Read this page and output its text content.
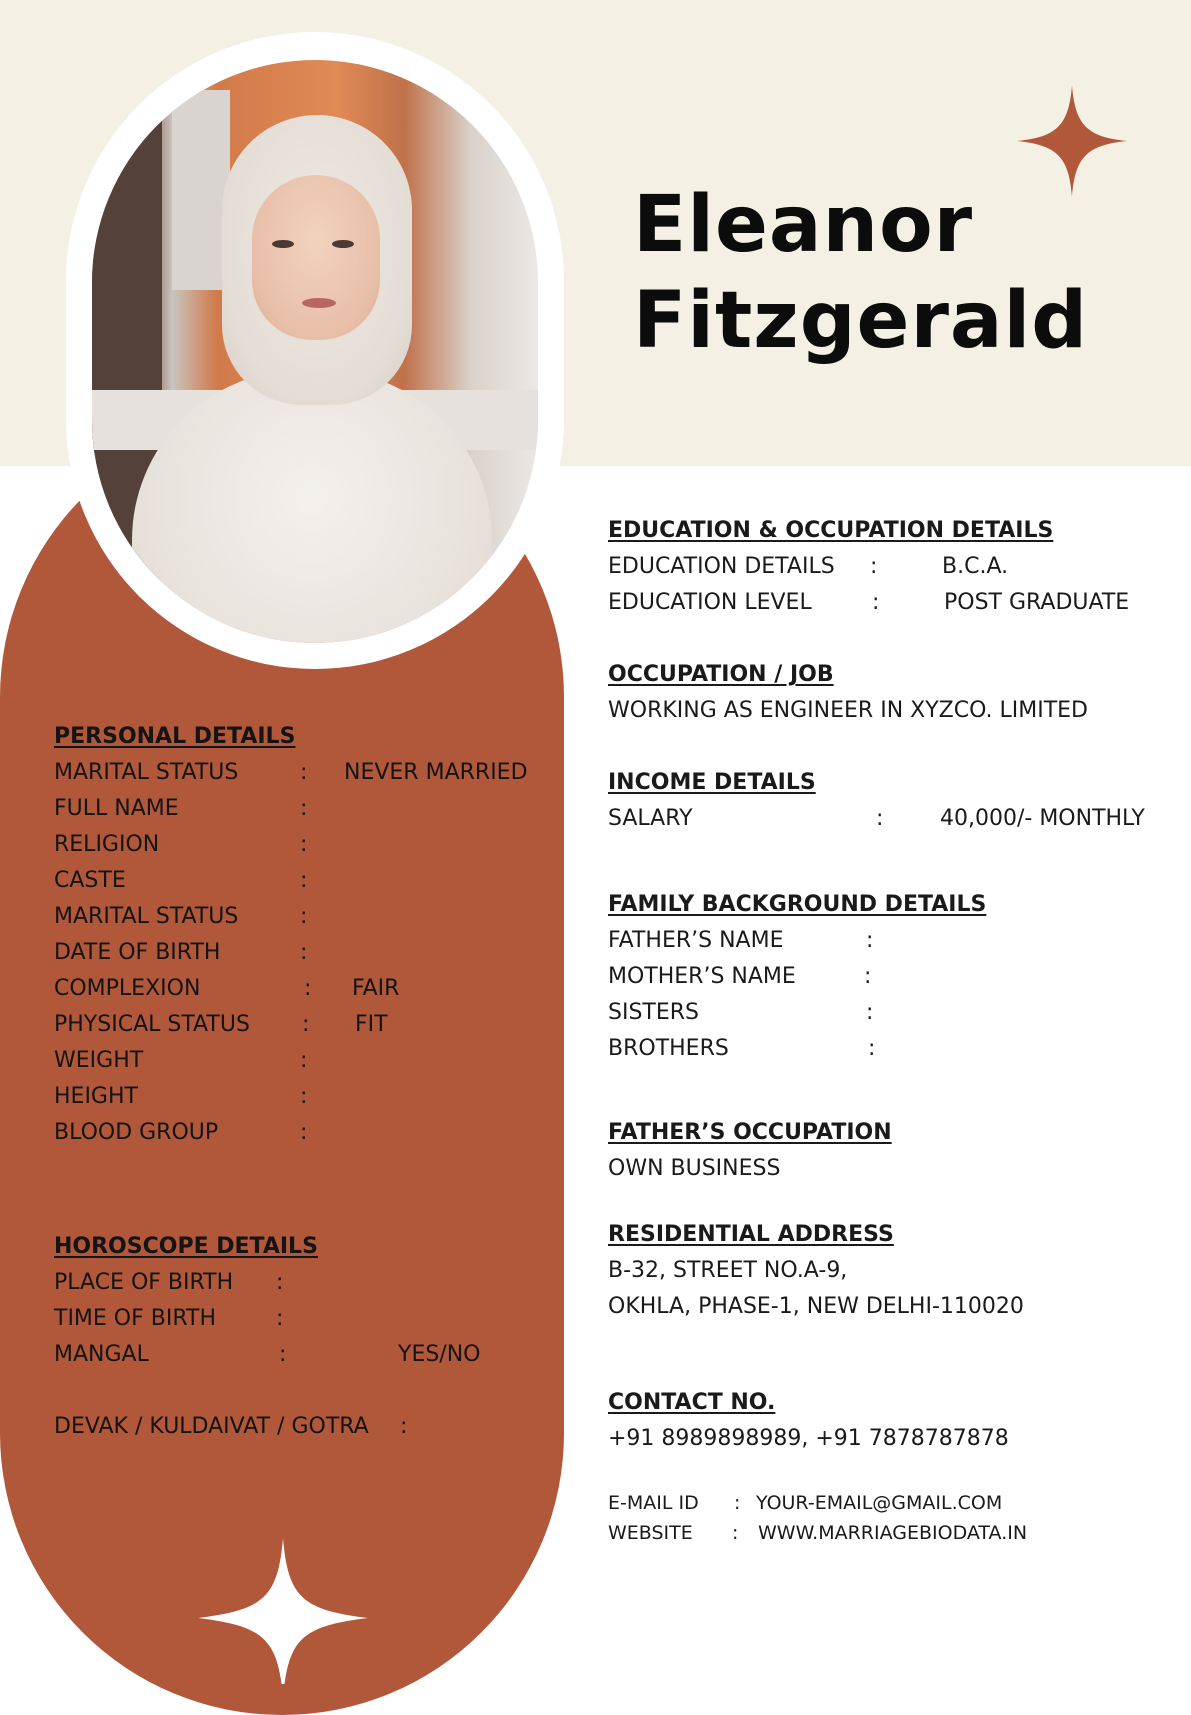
Eleanor
Fitzgerald
PERSONAL DETAILS
MARITAL STATUS	: NEVER MARRIED
FULL NAME	:
RELIGION	:
CASTE	:
MARITAL STATUS	:
DATE OF BIRTH	:
COMPLEXION	: FAIR
PHYSICAL STATUS : FIT
WEIGHT	:
HEIGHT	:
BLOOD GROUP	:
HOROSCOPE DETAILS
PLACE OF BIRTH :
TIME OF BIRTH	:
MANGAL	:	YES/NO
DEVAK / KULDAIVAT / GOTRA :
EDUCATION & OCCUPATION DETAILS
EDUCATION DETAILS :	B.C.A.
EDUCATION LEVEL	:	POST GRADUATE
OCCUPATION / JOB
WORKING AS ENGINEER IN XYZCO. LIMITED
INCOME DETAILS
SALARY	:	40,000/- MONTHLY
FAMILY BACKGROUND DETAILS
FATHER’S NAME	:
MOTHER’S NAME	:
SISTERS	:
BROTHERS	:
FATHER’S OCCUPATION
OWN BUSINESS
RESIDENTIAL ADDRESS
B-32, STREET NO.A-9,
OKHLA, PHASE-1, NEW DELHI-110020
CONTACT NO.
+91 8989898989, +91 7878787878
E-MAIL ID : YOUR-EMAIL@GMAIL.COM
WEBSITE : WWW.MARRIAGEBIODATA.IN
